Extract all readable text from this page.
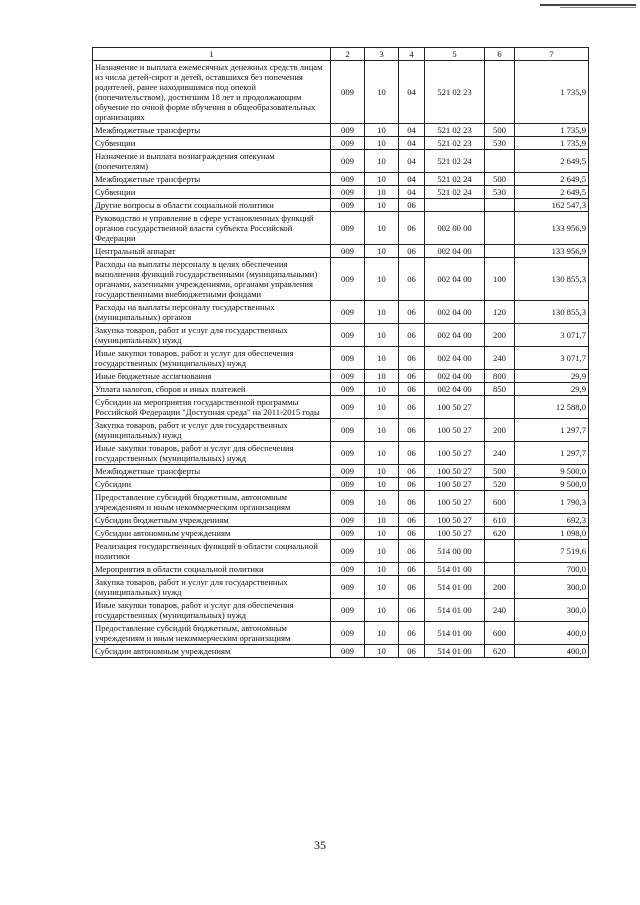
1	2	3	4	5	6	7
Назначение и выплата ежемесячных денежных средств лицам из числа детей-сирот и детей, оставшихся без попечения родителей, ранее находившимся под опекой (попечительством), достигшим 18 лет и продолжающим обучение по очной форме обучения в общеобразовательных организациях	009	10	04	521 02 23		1 735,9
Межбюджетные трансферты	009	10	04	521 02 23	500	1 735,9
Субвенции	009	10	04	521 02 23	530	1 735,9
Назначение и выплата вознаграждения опекунам (попечителям)	009	10	04	521 02 24		2 649,5
Межбюджетные трансферты	009	10	04	521 02 24	500	2 649,5
Субвенции	009	10	04	521 02 24	530	2 649,5
Другие вопросы в области социальной политики	009	10	06			162 547,3
Руководство и управление в сфере установленных функций органов государственной власти субъекта Российской Федерации	009	10	06	002 00 00		133 956,9
Центральный аппарат	009	10	06	002 04 00		133 956,9
Расходы на выплаты персоналу в целях обеспечения выполнения функций государственными (муниципальными) органами, казенными учреждениями, органами управления государственными внебюджетными фондами	009	10	06	002 04 00	100	130 855,3
Расходы на выплаты персоналу государственных (муниципальных) органов	009	10	06	002 04 00	120	130 855,3
Закупка товаров, работ и услуг для государственных (муниципальных) нужд	009	10	06	002 04 00	200	3 071,7
Иные закупки товаров, работ и услуг для обеспечения государственных (муниципальных) нужд	009	10	06	002 04 00	240	3 071,7
Иные бюджетные ассигнования	009	10	06	002 04 00	800	29,9
Уплата налогов, сборов и иных платежей	009	10	06	002 04 00	850	29,9
Субсидии на мероприятия государственной программы Российской Федерации "Доступная среда" на 2011-2015 годы	009	10	06	100 50 27		12 588,0
Закупка товаров, работ и услуг для государственных (муниципальных) нужд	009	10	06	100 50 27	200	1 297,7
Иные закупки товаров, работ и услуг для обеспечения государственных (муниципальных) нужд	009	10	06	100 50 27	240	1 297,7
Межбюджетные трансферты	009	10	06	100 50 27	500	9 500,0
Субсидии	009	10	06	100 50 27	520	9 500,0
Предоставление субсидий бюджетным, автономным учреждениям и иным некоммерческим организациям	009	10	06	100 50 27	600	1 790,3
Субсидии бюджетным учреждениям	009	10	06	100 50 27	610	692,3
Субсидии автономным учреждениям	009	10	06	100 50 27	620	1 098,0
Реализация государственных функций в области социальной политики	009	10	06	514 00 00		7 519,6
Мероприятия в области социальной политики	009	10	06	514 01 00		700,0
Закупка товаров, работ и услуг для государственных (муниципальных) нужд	009	10	06	514 01 00	200	300,0
Иные закупки товаров, работ и услуг для обеспечения государственных (муниципальных) нужд	009	10	06	514 01 00	240	300,0
Предоставление субсидий бюджетным, автономным учреждениям и иным некоммерческим организациям	009	10	06	514 01 00	600	400,0
Субсидии автономным учреждениям	009	10	06	514 01 00	620	400,0
35
